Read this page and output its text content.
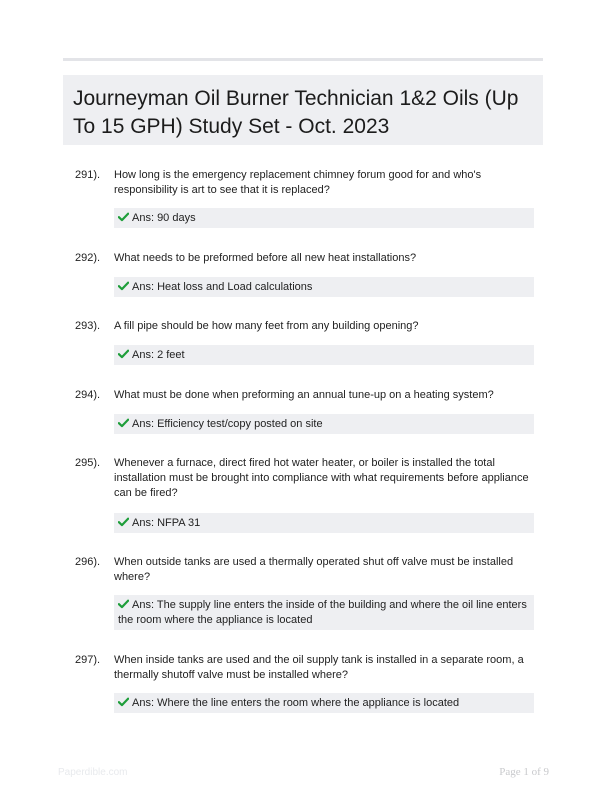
Journeyman Oil Burner Technician 1&2 Oils (Up To 15 GPH) Study Set - Oct. 2023
291). How long is the emergency replacement chimney forum good for and who's responsibility is art to see that it is replaced?
Ans: 90 days
292). What needs to be preformed before all new heat installations?
Ans: Heat loss and Load calculations
293). A fill pipe should be how many feet from any building opening?
Ans: 2 feet
294). What must be done when preforming an annual tune-up on a heating system?
Ans: Efficiency test/copy posted on site
295). Whenever a furnace, direct fired hot water heater, or boiler is installed the total installation must be brought into compliance with what requirements before appliance can be fired?
Ans: NFPA 31
296). When outside tanks are used a thermally operated shut off valve must be installed where?
Ans: The supply line enters the inside of the building and where the oil line enters the room where the appliance is located
297). When inside tanks are used and the oil supply tank is installed in a separate room, a thermally shutoff valve must be installed where?
Ans: Where the line enters the room where the appliance is located
Paperdible.com	Page 1 of 9
